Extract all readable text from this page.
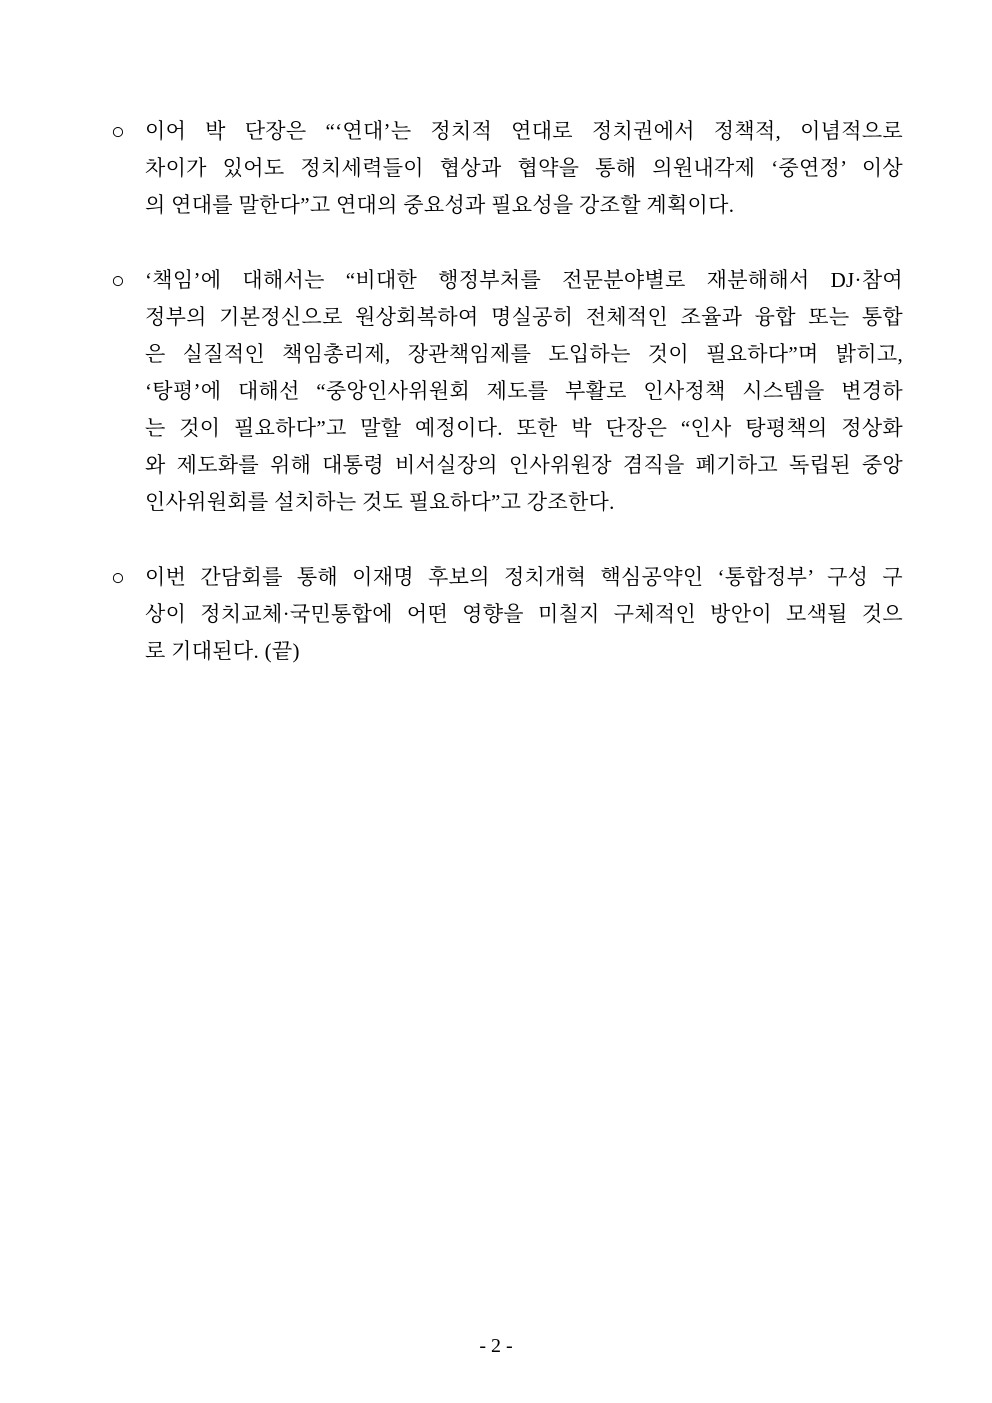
○ 이어 박 단장은 “‘연대’는 정치적 연대로 정치권에서 정책적, 이념적으로
차이가 있어도 정치세력들이 협상과 협약을 통해 의원내각제 ‘중연정’ 이상
의 연대를 말한다”고 연대의 중요성과 필요성을 강조할 계획이다.
○ ‘책임’에 대해서는 “비대한 행정부처를 전문분야별로 재분해해서 DJ·참여
정부의 기본정신으로 원상회복하여 명실공히 전체적인 조율과 융합 또는 통합
은 실질적인 책임총리제, 장관책임제를 도입하는 것이 필요하다”며 밝히고,
‘탕평’에 대해선 “중앙인사위원회 제도를 부활로 인사정책 시스템을 변경하
는 것이 필요하다”고 말할 예정이다. 또한 박 단장은 “인사 탕평책의 정상화
와 제도화를 위해 대통령 비서실장의 인사위원장 겸직을 폐기하고 독립된 중앙
인사위원회를 설치하는 것도 필요하다”고 강조한다.
○ 이번 간담회를 통해 이재명 후보의 정치개혁 핵심공약인 ‘통합정부’ 구성 구
상이 정치교체·국민통합에 어떤 영향을 미칠지 구체적인 방안이 모색될 것으
로 기대된다. (끝)
- 2 -
